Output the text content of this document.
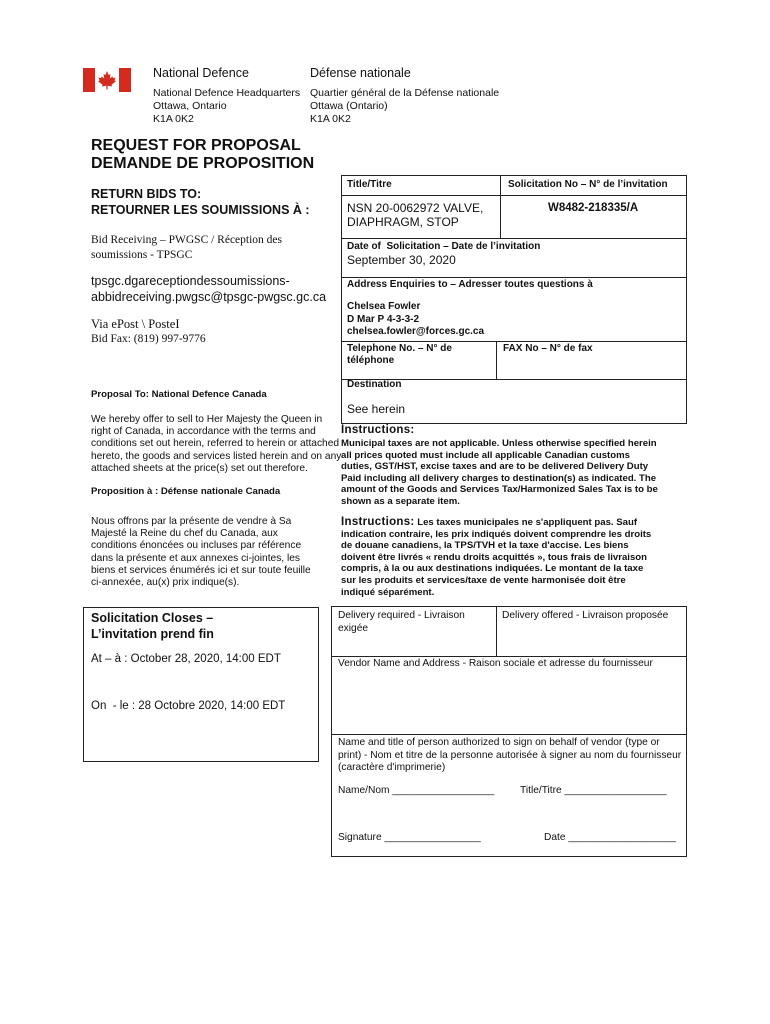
National Defence	Défense nationale
National Defence Headquarters
Ottawa, Ontario
K1A 0K2
Quartier général de la Défense nationale
Ottawa (Ontario)
K1A 0K2
REQUEST FOR PROPOSAL
DEMANDE DE PROPOSITION
RETURN BIDS TO:
RETOURNER LES SOUMISSIONS À :
Bid Receiving – PWGSC / Réception des
soumissions - TPSGC
tpsgc.dgareceptiondessoumissions-
abbidreceiving.pwgsc@tpsgc-pwgsc.gc.ca
Via ePost \ PosteI
Bid Fax: (819) 997-9776
Proposal To: National Defence Canada
We hereby offer to sell to Her Majesty the Queen in
right of Canada, in accordance with the terms and
conditions set out herein, referred to herein or attached
hereto, the goods and services listed herein and on any
attached sheets at the price(s) set out therefore.
Proposition à : Défense nationale Canada
Nous offrons par la présente de vendre à Sa
Majesté la Reine du chef du Canada, aux
conditions énoncées ou incluses par référence
dans la présente et aux annexes ci-jointes, les
biens et services énumérés ici et sur toute feuille
ci-annexée, au(x) prix indique(s).
Solicitation Closes –
L’invitation prend fin
At – à : October 28, 2020, 14:00 EDT
On  - le : 28 Octobre 2020, 14:00 EDT
Title/Titre	Solicitation No – N° de l’invitation
NSN 20-0062972 VALVE,
DIAPHRAGM, STOP
W8482-218335/A
Date of  Solicitation – Date de l’invitation
September 30, 2020
Address Enquiries to – Adresser toutes questions à
Chelsea Fowler
D Mar P 4-3-3-2
chelsea.fowler@forces.gc.ca
Telephone No. – N° de
téléphone
FAX No – N° de fax
Destination
See herein
Instructions:
Municipal taxes are not applicable. Unless otherwise specified herein
all prices quoted must include all applicable Canadian customs
duties, GST/HST, excise taxes and are to be delivered Delivery Duty
Paid including all delivery charges to destination(s) as indicated. The
amount of the Goods and Services Tax/Harmonized Sales Tax is to be
shown as a separate item.
Instructions: Les taxes municipales ne s'appliquent pas. Sauf
indication contraire, les prix indiqués doivent comprendre les droits
de douane canadiens, la TPS/TVH et la taxe d'accise. Les biens
doivent être livrés « rendu droits acquittés », tous frais de livraison
compris, à la ou aux destinations indiquées. Le montant de la taxe
sur les produits et services/taxe de vente harmonisée doit être
indiqué séparément.
Delivery required - Livraison
exigée
Delivery offered - Livraison proposée
Vendor Name and Address - Raison sociale et adresse du fournisseur
Name and title of person authorized to sign on behalf of vendor (type or
print) - Nom et titre de la personne autorisée à signer au nom du fournisseur
(caractère d'imprimerie)
Name/Nom __________________	Title/Titre __________________
Signature _________________	Date ___________________
